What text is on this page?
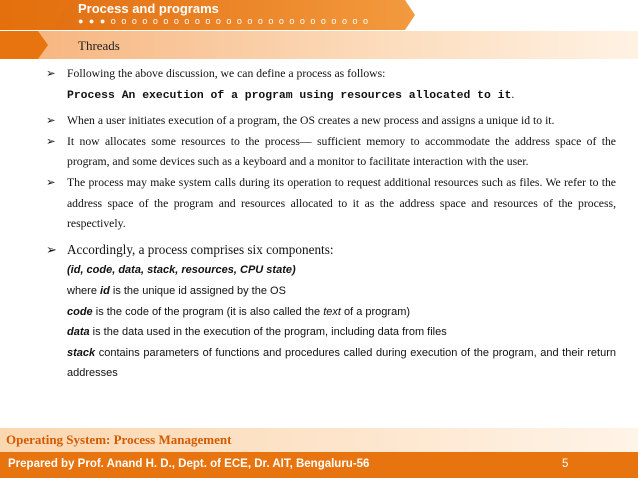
Process and programs
● ● ● o o o o o o o o o o o o o o o o o o o o o o o o o
Threads

➢ Following the above discussion, we can define a process as follows:

Process An execution of a program using resources allocated to it.

➢ When a user initiates execution of a program, the OS creates a new process and assigns a unique id to it.

➢ It now allocates some resources to the process— sufficient memory to accommodate the address space of the program, and some devices such as a keyboard and a monitor to facilitate interaction with the user.

➢ The process may make system calls during its operation to request additional resources such as files. We refer to the address space of the program and resources allocated to it as the address space and resources of the process, respectively.

➢ Accordingly, a process comprises six components:

(id, code, data, stack, resources, CPU state)

where id is the unique id assigned by the OS

code is the code of the program (it is also called the text of a program)

data is the data used in the execution of the program, including data from files

stack contains parameters of functions and procedures called during execution of the program, and their return addresses

Operating System: Process Management
Prepared by Prof. Anand H. D., Dept. of ECE, Dr. AIT, Bengaluru-56	5
